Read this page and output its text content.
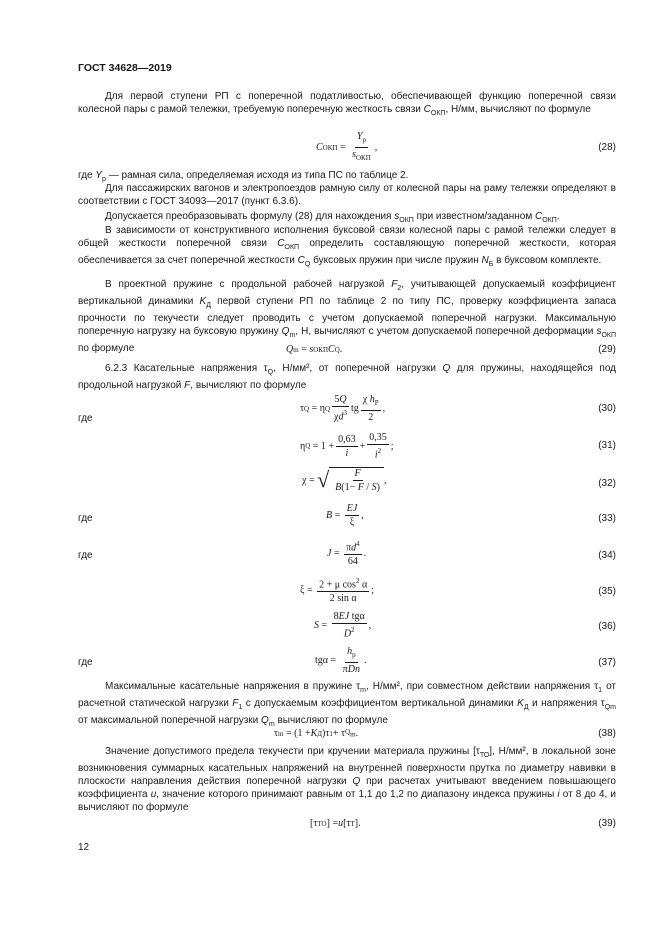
ГОСТ 34628—2019
Для первой ступени РП с поперечной податливостью, обеспечивающей функцию поперечной связи колесной пары с рамой тележки, требуемую поперечную жесткость связи $C_{ОКП}$, Н/мм, вычисляют по формуле
C ОКП =
$Y_р$
$s_{ОКП}$
,	(28)
где $Y_р$ — рамная сила, определяемая исходя из типа ПС по таблице 2.
Для пассажирских вагонов и электропоездов рамную силу от колесной пары на раму тележки определяют в соответствии с ГОСТ 34093—2017 (пункт 6.3.6).
Допускается преобразовывать формулу (28) для нахождения $s_{ОКП}$ при известном/заданном $C_{ОКП}$.
В зависимости от конструктивного исполнения буксовой связи колесной пары с рамой тележки следует в общей жесткости поперечной связи $C_{ОКП}$ определить составляющую поперечной жесткости, которая обеспечивается за счет поперечной жесткости $C_Q$ буксовых пружин при числе пружин $N_Б$ в буксовом комплекте.
В проектной пружине с продольной рабочей нагрузкой $F_2$, учитывающей допускаемый коэффициент вертикальной динамики $K_Д$ первой ступени РП по таблице 2 по типу ПС, проверку коэффициента запаса прочности по текучести следует проводить с учетом допускаемой поперечной нагрузки. Максимальную поперечную нагрузку на буксовую пружину $Q_m$, Н, вычисляют с учетом допускаемой поперечной деформации $s_{ОКП}$ по формуле	Q m = s ОКП C Q .	(29)
6.2.3 Касательные напряжения $\tau_Q$, Н/мм², от поперечной нагрузки Q для пружины, находящейся под продольной нагрузкой F, вычисляют по формуле
τ Q = η Q
5Q
$\chi d^3$ tg
χ $h_P$
2
,	(30)
где
η Q = 1 +
0,63
i
+
0,35
$i^2$ ;	(31)
χ = √ $\frac{F}{B(1- F / S)}$ ,	(32)
где	B =
EJ
ξ
,	(33)
где	$J = \pi d^4$
64
.	(34)
ξ = 2 + μ $\cos^2 \alpha$
2 sin α
;	(35)
S =
8EJ tgα
$D^2$ ,	(36)
где	tgα =
$h_р$
πDn
.	(37)
Максимальные касательные напряжения в пружине $\tau_m$, Н/мм², при совместном действии напряжения $\tau_1$ от расчетной статической нагрузки $F_1$ с допускаемым коэффициентом вертикальной динамики $K_Д$ и напряжения $\tau_{Qm}$ от максимальной поперечной нагрузки $Q_m$ вычисляют по формуле
τ m = (1 + K Д )τ 1 + τ $Q_m$ .	(38)
Значение допустимого предела текучести при кручении материала пружины $[\tau_{ТО}]$, Н/мм², в локальной зоне возникновения суммарных касательных напряжений на внутренней поверхности прутка по диаметру навивки в плоскости направления действия поперечной нагрузки Q при расчетах учитывают введением повышающего коэффициента u, значение которого принимают равным от 1,1 до 1,2 по диапазону индекса пружины i от 8 до 4, и вычисляют по формуле
[τ ТО ] = u [τ Т ].	(39)
12
